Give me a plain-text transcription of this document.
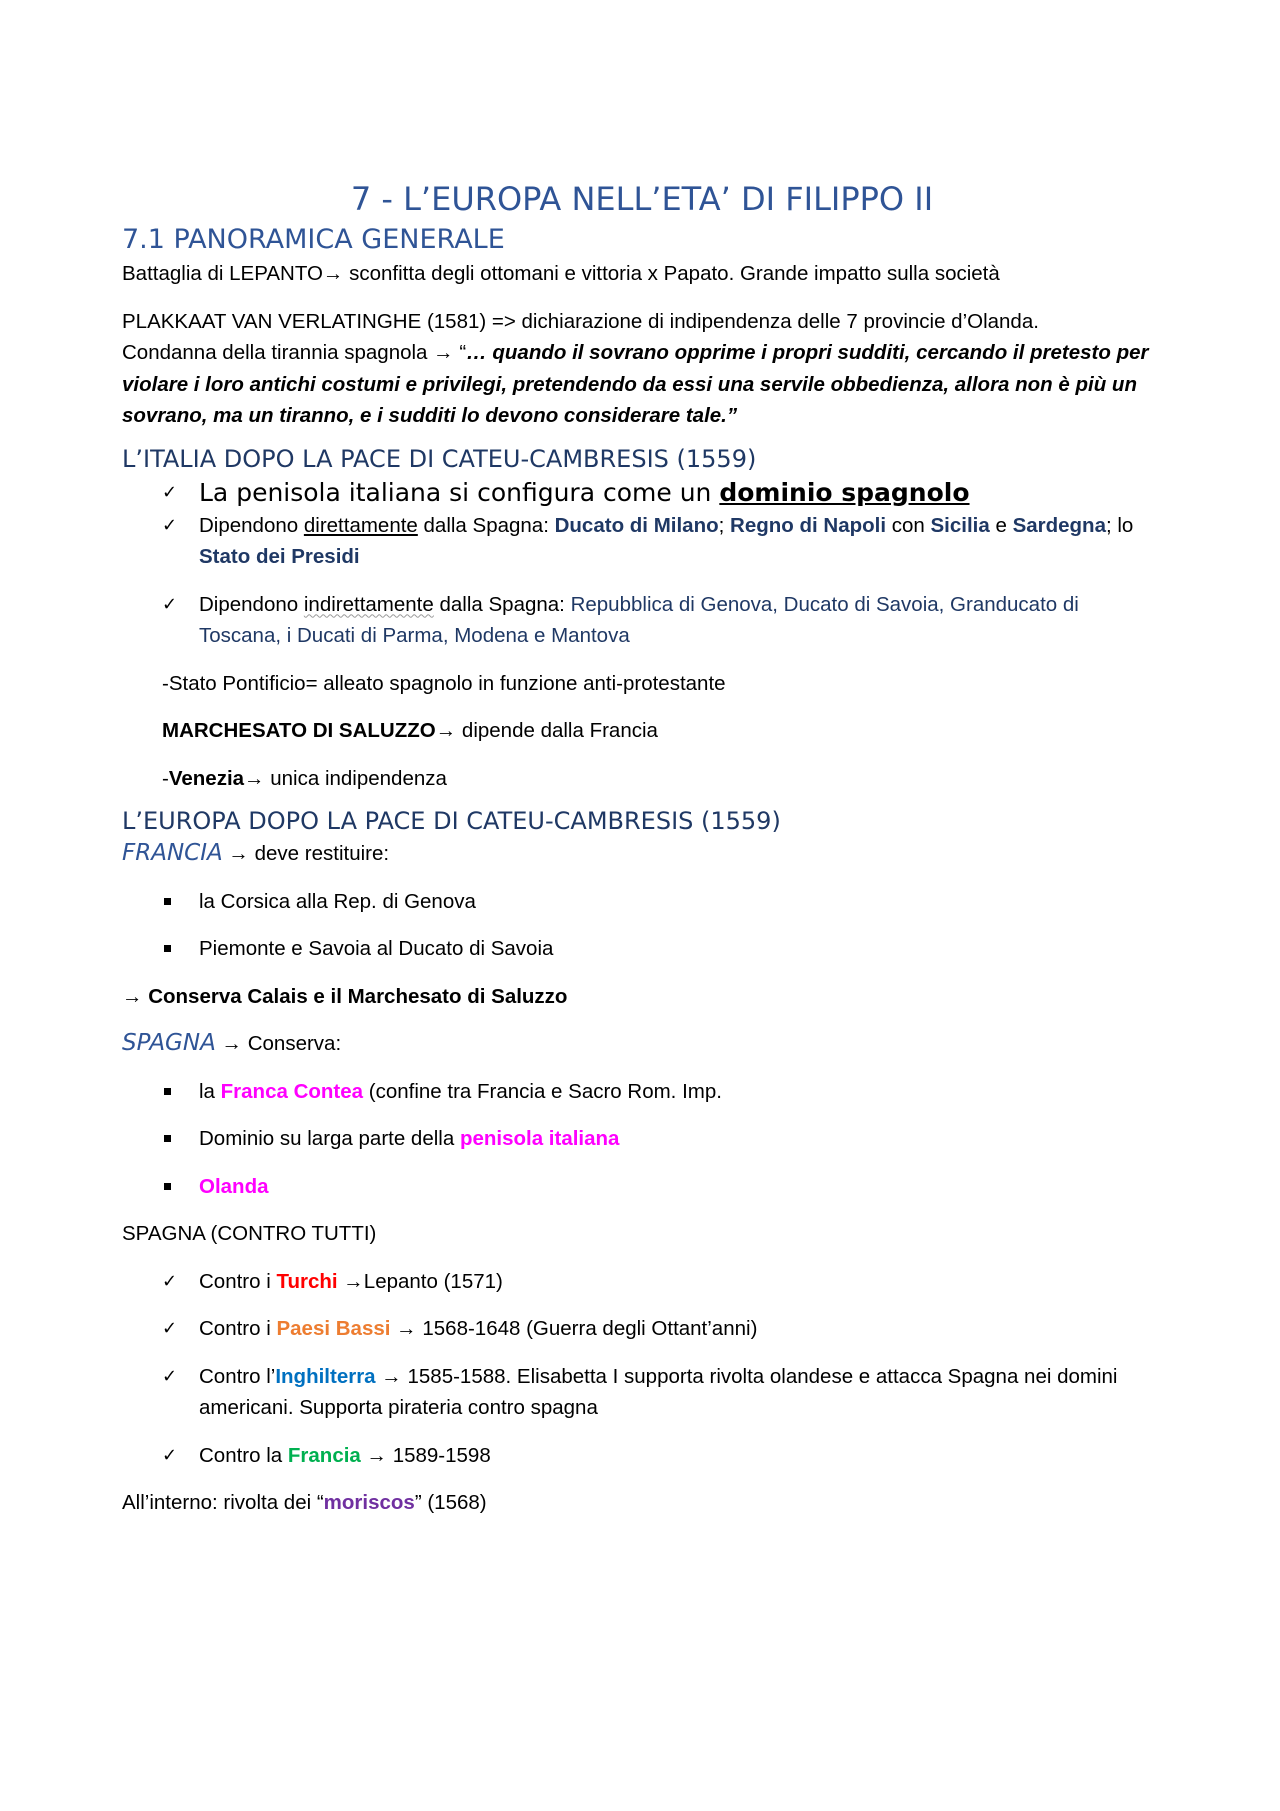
7 - L’EUROPA NELL’ETA’ DI FILIPPO II
7.1 PANORAMICA GENERALE

Battaglia di LEPANTO→ sconfitta degli ottomani e vittoria x Papato. Grande impatto sulla società

PLAKKAAT VAN VERLATINGHE (1581) => dichiarazione di indipendenza delle 7 provincie d’Olanda.
Condanna della tirannia spagnola → “… quando il sovrano opprime i propri sudditi, cercando il pretesto per violare i loro antichi costumi e privilegi, pretendendo da essi una servile obbedienza, allora non è più un sovrano, ma un tiranno, e i sudditi lo devono considerare tale.”

L’ITALIA DOPO LA PACE DI CATEU-CAMBRESIS (1559)
✓ La penisola italiana si configura come un dominio spagnolo
✓ Dipendono direttamente dalla Spagna: Ducato di Milano; Regno di Napoli con Sicilia e Sardegna; lo Stato dei Presidi
✓ Dipendono indirettamente dalla Spagna: Repubblica di Genova, Ducato di Savoia, Granducato di Toscana, i Ducati di Parma, Modena e Mantova

-Stato Pontificio= alleato spagnolo in funzione anti-protestante

MARCHESATO DI SALUZZO→ dipende dalla Francia

-Venezia→ unica indipendenza

L’EUROPA DOPO LA PACE DI CATEU-CAMBRESIS (1559)

FRANCIA → deve restituire:

la Corsica alla Rep. di Genova
Piemonte e Savoia al Ducato di Savoia

→ Conserva Calais e il Marchesato di Saluzzo

SPAGNA → Conserva:

la Franca Contea (confine tra Francia e Sacro Rom. Imp.
Dominio su larga parte della penisola italiana
Olanda

SPAGNA (CONTRO TUTTI)

✓ Contro i Turchi →Lepanto (1571)
✓ Contro i Paesi Bassi → 1568-1648 (Guerra degli Ottant’anni)
✓ Contro l’Inghilterra → 1585-1588. Elisabetta I supporta rivolta olandese e attacca Spagna nei domini americani. Supporta pirateria contro spagna
✓ Contro la Francia → 1589-1598

All’interno: rivolta dei “moriscos” (1568)
